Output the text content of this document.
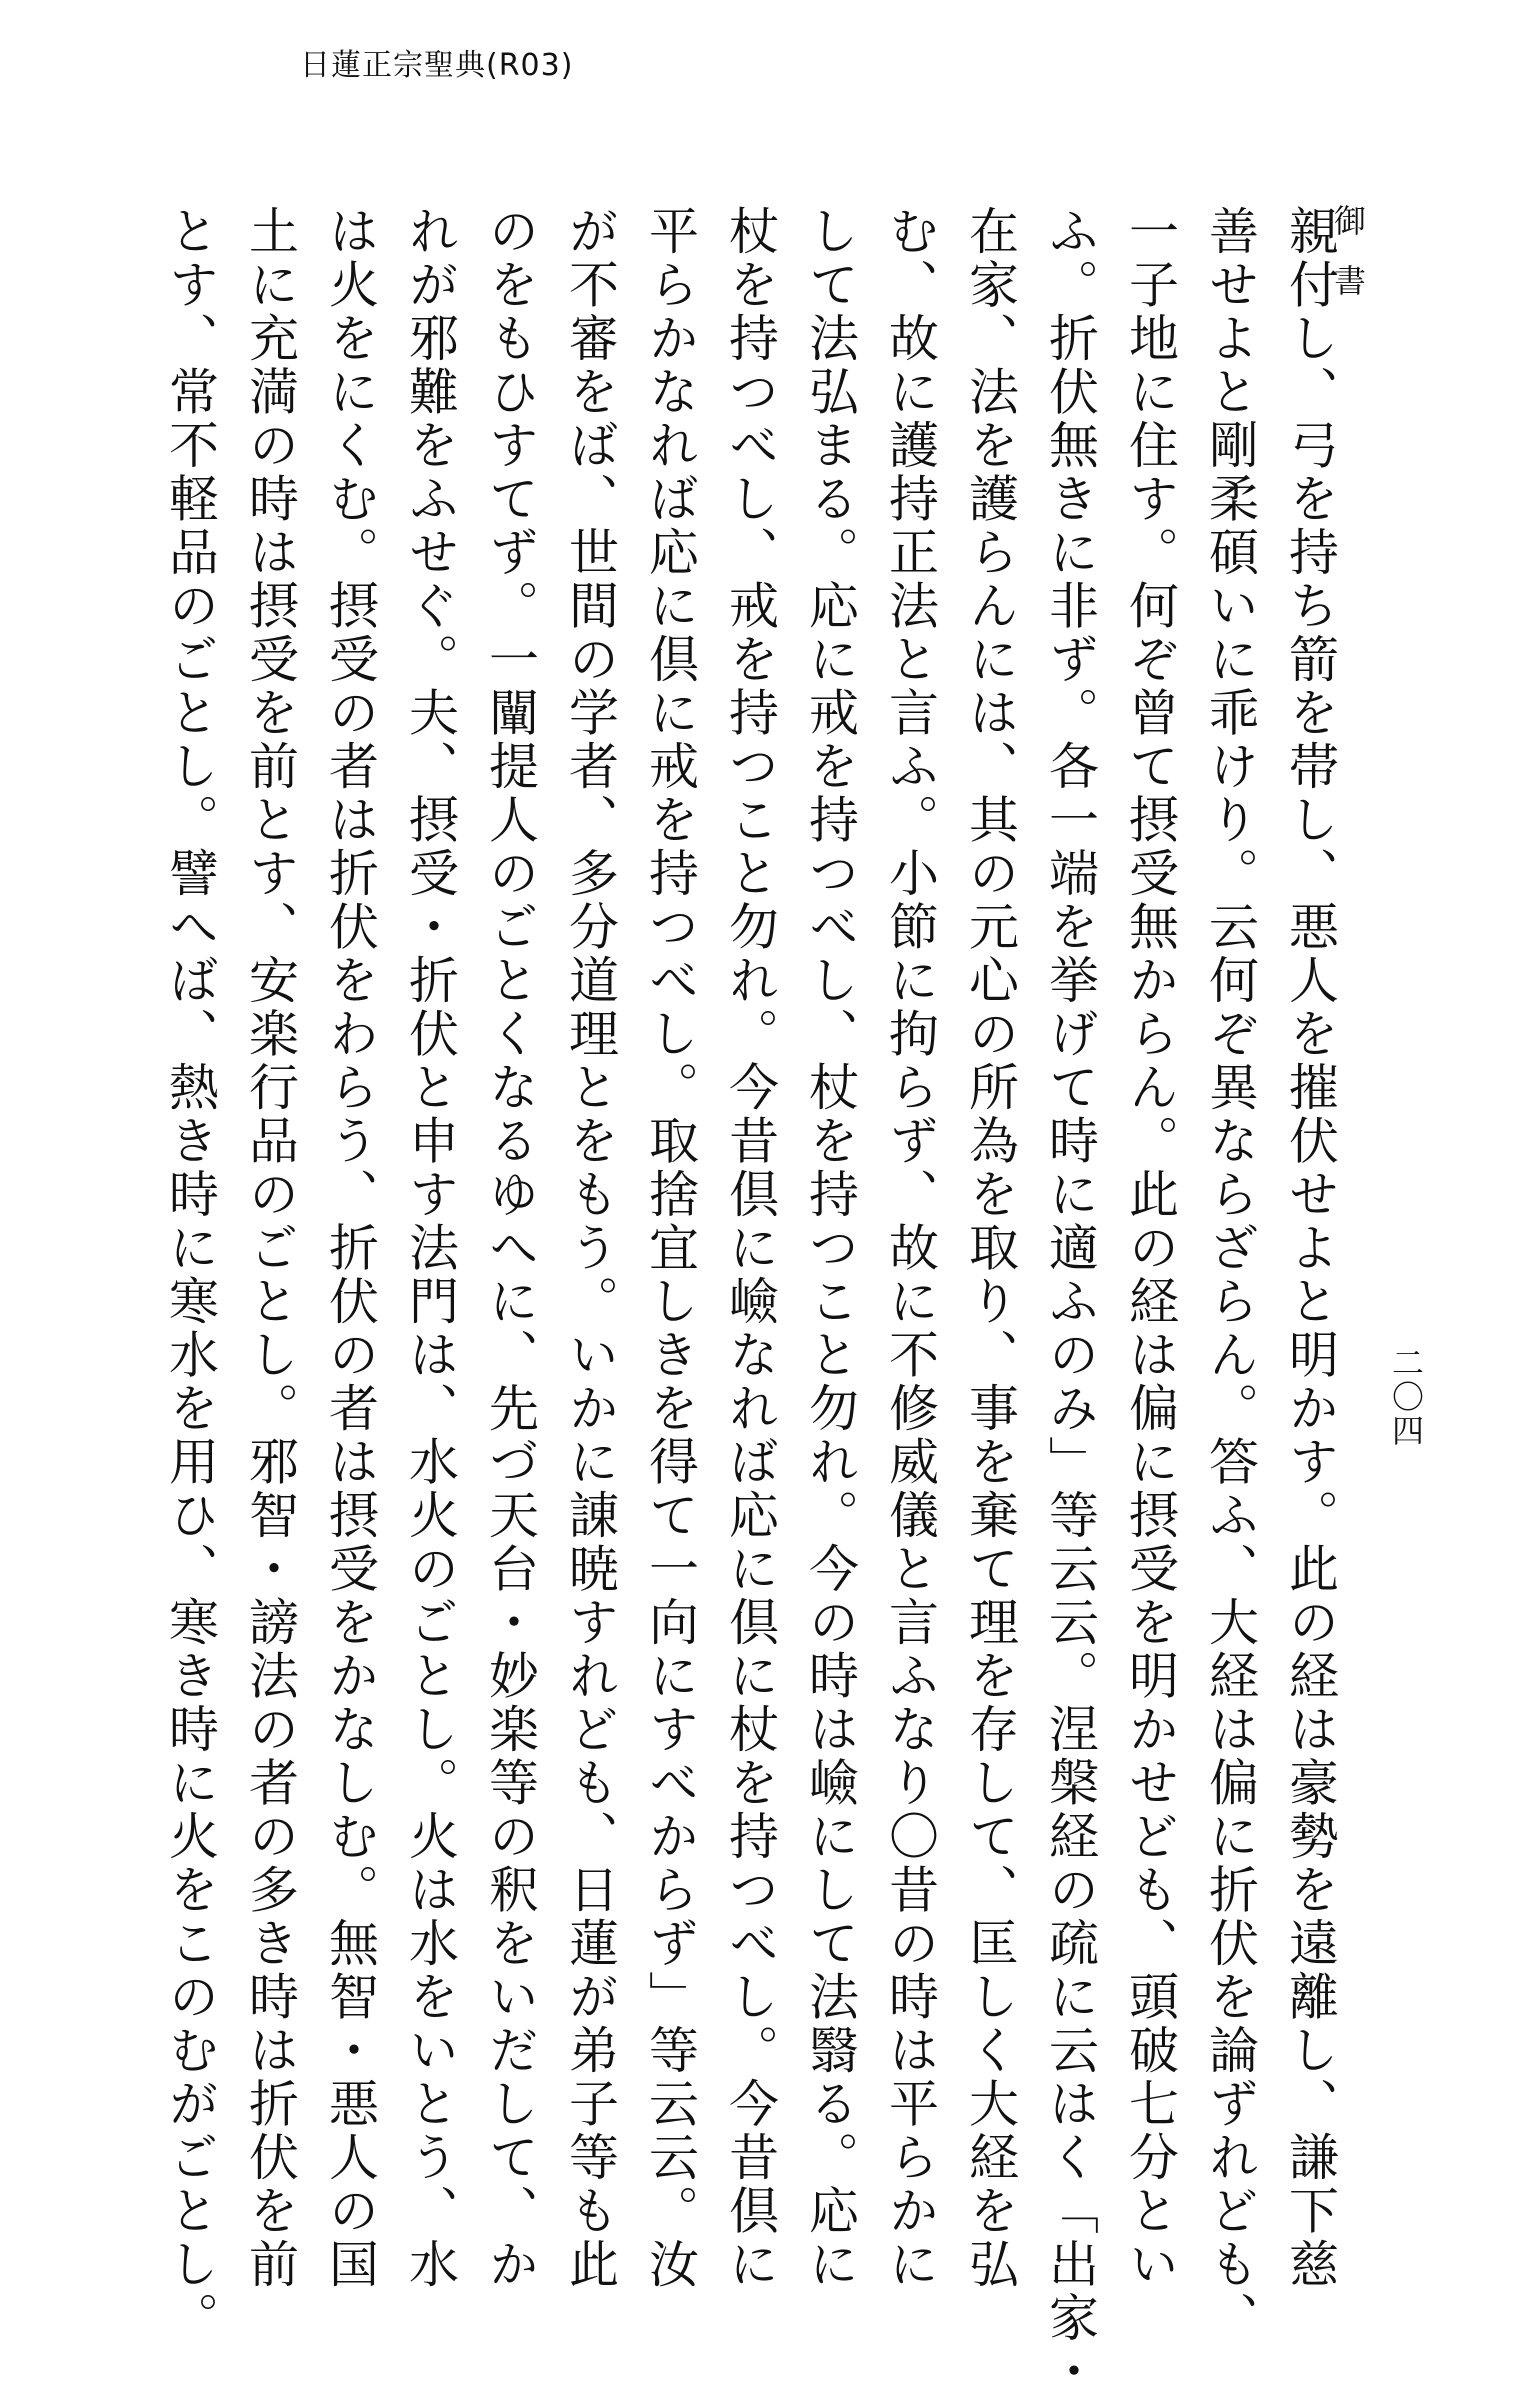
日蓮正宗聖典(R03)
御書
二〇四
親付し、弓を持ち箭を帯し、悪人を摧伏せよと明かす。此の経は豪勢を遠離し、謙下慈
善せよと剛柔碩いに乖けり。云何ぞ異ならざらん。答ふ、大経は偏に折伏を論ずれども、
一子地に住す。何ぞ曾て摂受無からん。此の経は偏に摂受を明かせども、頭破七分とい
ふ。折伏無きに非ず。各一端を挙げて時に適ふのみ」等云云。涅槃経の疏に云はく「出家・
在家、法を護らんには、其の元心の所為を取り、事を棄て理を存して、匡しく大経を弘
む、故に護持正法と言ふ。小節に拘らず、故に不修威儀と言ふなり〇昔の時は平らかに
して法弘まる。応に戒を持つべし、杖を持つこと勿れ。今の時は嶮にして法翳る。応に
杖を持つべし、戒を持つこと勿れ。今昔倶に嶮なれば応に倶に杖を持つべし。今昔倶に
平らかなれば応に倶に戒を持つべし。取捨宜しきを得て一向にすべからず」等云云。汝
が不審をば、世間の学者、多分道理とをもう。いかに諌暁すれども、日蓮が弟子等も此
のをもひすてず。一闡提人のごとくなるゆへに、先づ天台・妙楽等の釈をいだして、か
れが邪難をふせぐ。夫、摂受・折伏と申す法門は、水火のごとし。火は水をいとう、水
は火をにくむ。摂受の者は折伏をわらう、折伏の者は摂受をかなしむ。無智・悪人の国
土に充満の時は摂受を前とす、安楽行品のごとし。邪智・謗法の者の多き時は折伏を前
とす、常不軽品のごとし。譬へば、熱き時に寒水を用ひ、寒き時に火をこのむがごとし。
